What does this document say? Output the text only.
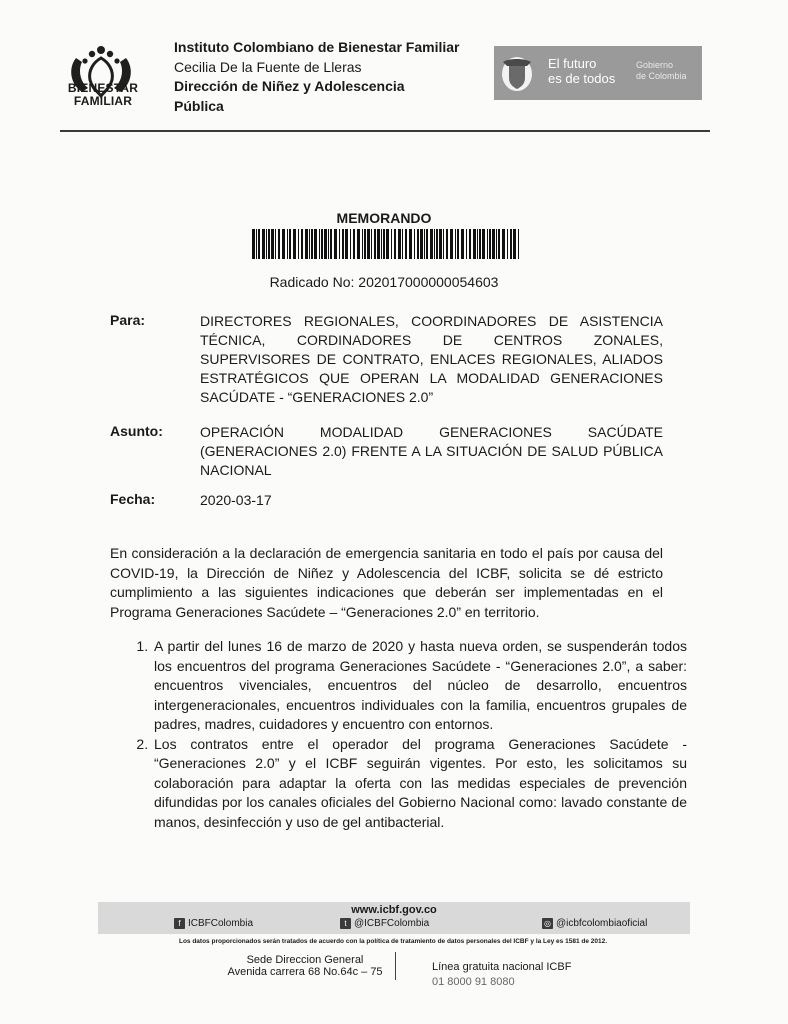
BIENESTAR
FAMILIAR
Instituto Colombiano de Bienestar Familiar
Cecilia De la Fuente de Lleras
Dirección de Niñez y Adolescencia
Pública
El futuro
es de todos
Gobierno
de Colombia
MEMORANDO
Radicado No: 202017000000054603
Para:	DIRECTORES REGIONALES, COORDINADORES DE ASISTENCIA TÉCNICA, CORDINADORES DE CENTROS ZONALES, SUPERVISORES DE CONTRATO, ENLACES REGIONALES, ALIADOS ESTRATÉGICOS QUE OPERAN LA MODALIDAD GENERACIONES SACÚDATE - “GENERACIONES 2.0”
Asunto:	OPERACIÓN MODALIDAD GENERACIONES SACÚDATE (GENERACIONES 2.0) FRENTE A LA SITUACIÓN DE SALUD PÚBLICA NACIONAL
Fecha:	2020-03-17
En consideración a la declaración de emergencia sanitaria en todo el país por causa del COVID-19, la Dirección de Niñez y Adolescencia del ICBF, solicita se dé estricto cumplimiento a las siguientes indicaciones que deberán ser implementadas en el Programa Generaciones Sacúdete – “Generaciones 2.0” en territorio.
1. A partir del lunes 16 de marzo de 2020 y hasta nueva orden, se suspenderán todos los encuentros del programa Generaciones Sacúdete - “Generaciones 2.0”, a saber: encuentros vivenciales, encuentros del núcleo de desarrollo, encuentros intergeneracionales, encuentros individuales con la familia, encuentros grupales de padres, madres, cuidadores y encuentro con entornos.
2. Los contratos entre el operador del programa Generaciones Sacúdete - “Generaciones 2.0” y el ICBF seguirán vigentes. Por esto, les solicitamos su colaboración para adaptar la oferta con las medidas especiales de prevención difundidas por los canales oficiales del Gobierno Nacional como: lavado constante de manos, desinfección y uso de gel antibacterial.
www.icbf.gov.co
f ICBFColombia	t @ICBFColombia	◎ @icbfcolombiaoficial
Los datos proporcionados serán tratados de acuerdo con la política de tratamiento de datos personales del ICBF y la Ley es 1581 de 2012.
Sede Direccion General
Avenida carrera 68 No.64c – 75	Línea gratuita nacional ICBF
01 8000 91 8080
